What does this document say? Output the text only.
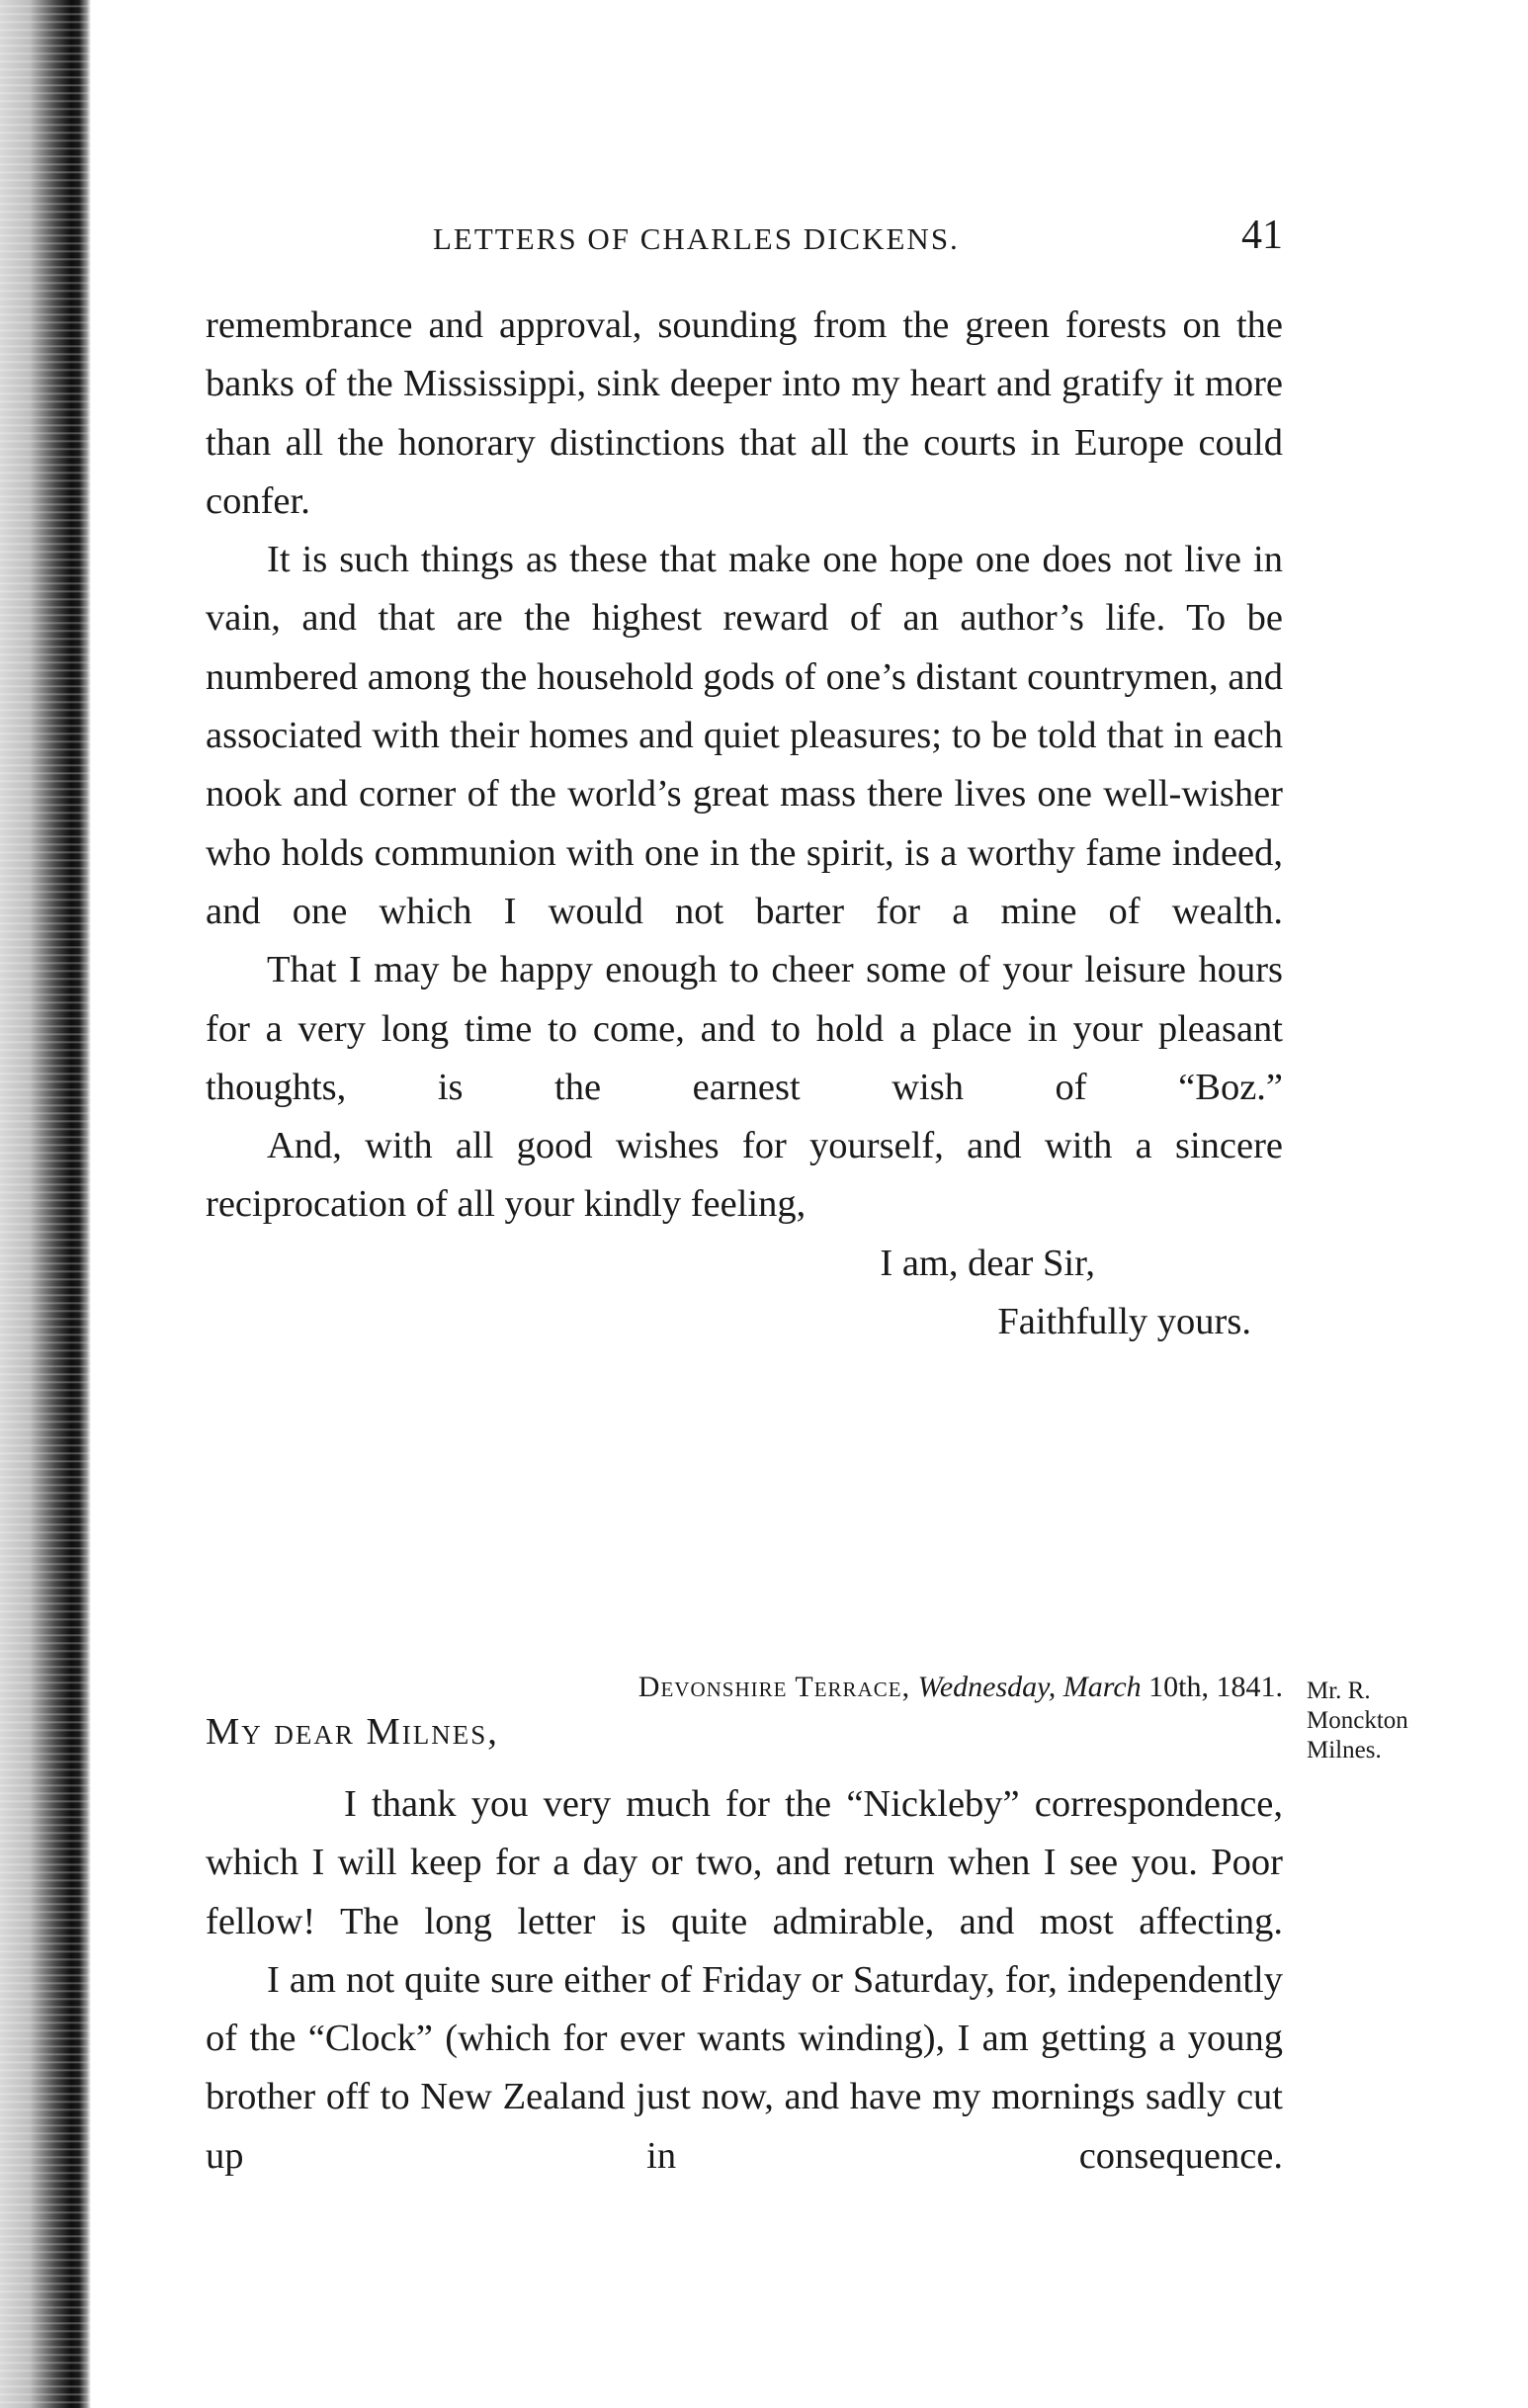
LETTERS OF CHARLES DICKENS.	41

remembrance and approval, sounding from the green forests on the banks of the Mississippi, sink deeper into my heart and gratify it more than all the honorary distinctions that all the courts in Europe could confer.

It is such things as these that make one hope one does not live in vain, and that are the highest reward of an author’s life. To be numbered among the household gods of one’s distant countrymen, and associated with their homes and quiet pleasures; to be told that in each nook and corner of the world’s great mass there lives one well-wisher who holds communion with one in the spirit, is a worthy fame indeed, and one which I would not barter for a mine of wealth.

That I may be happy enough to cheer some of your leisure hours for a very long time to come, and to hold a place in your pleasant thoughts, is the earnest wish of “Boz.”

And, with all good wishes for yourself, and with a sincere reciprocation of all your kindly feeling,

I am, dear Sir,

Faithfully yours.

Devonshire Terrace, Wednesday, March 10th, 1841. Mr. R.
Monckton
Milnes.
My dear Milnes,

I thank you very much for the “Nickleby” correspondence, which I will keep for a day or two, and return when I see you. Poor fellow! The long letter is quite admirable, and most affecting.

I am not quite sure either of Friday or Saturday, for, independently of the “Clock” (which for ever wants winding), I am getting a young brother off to New Zealand just now, and have my mornings sadly cut up in consequence.
